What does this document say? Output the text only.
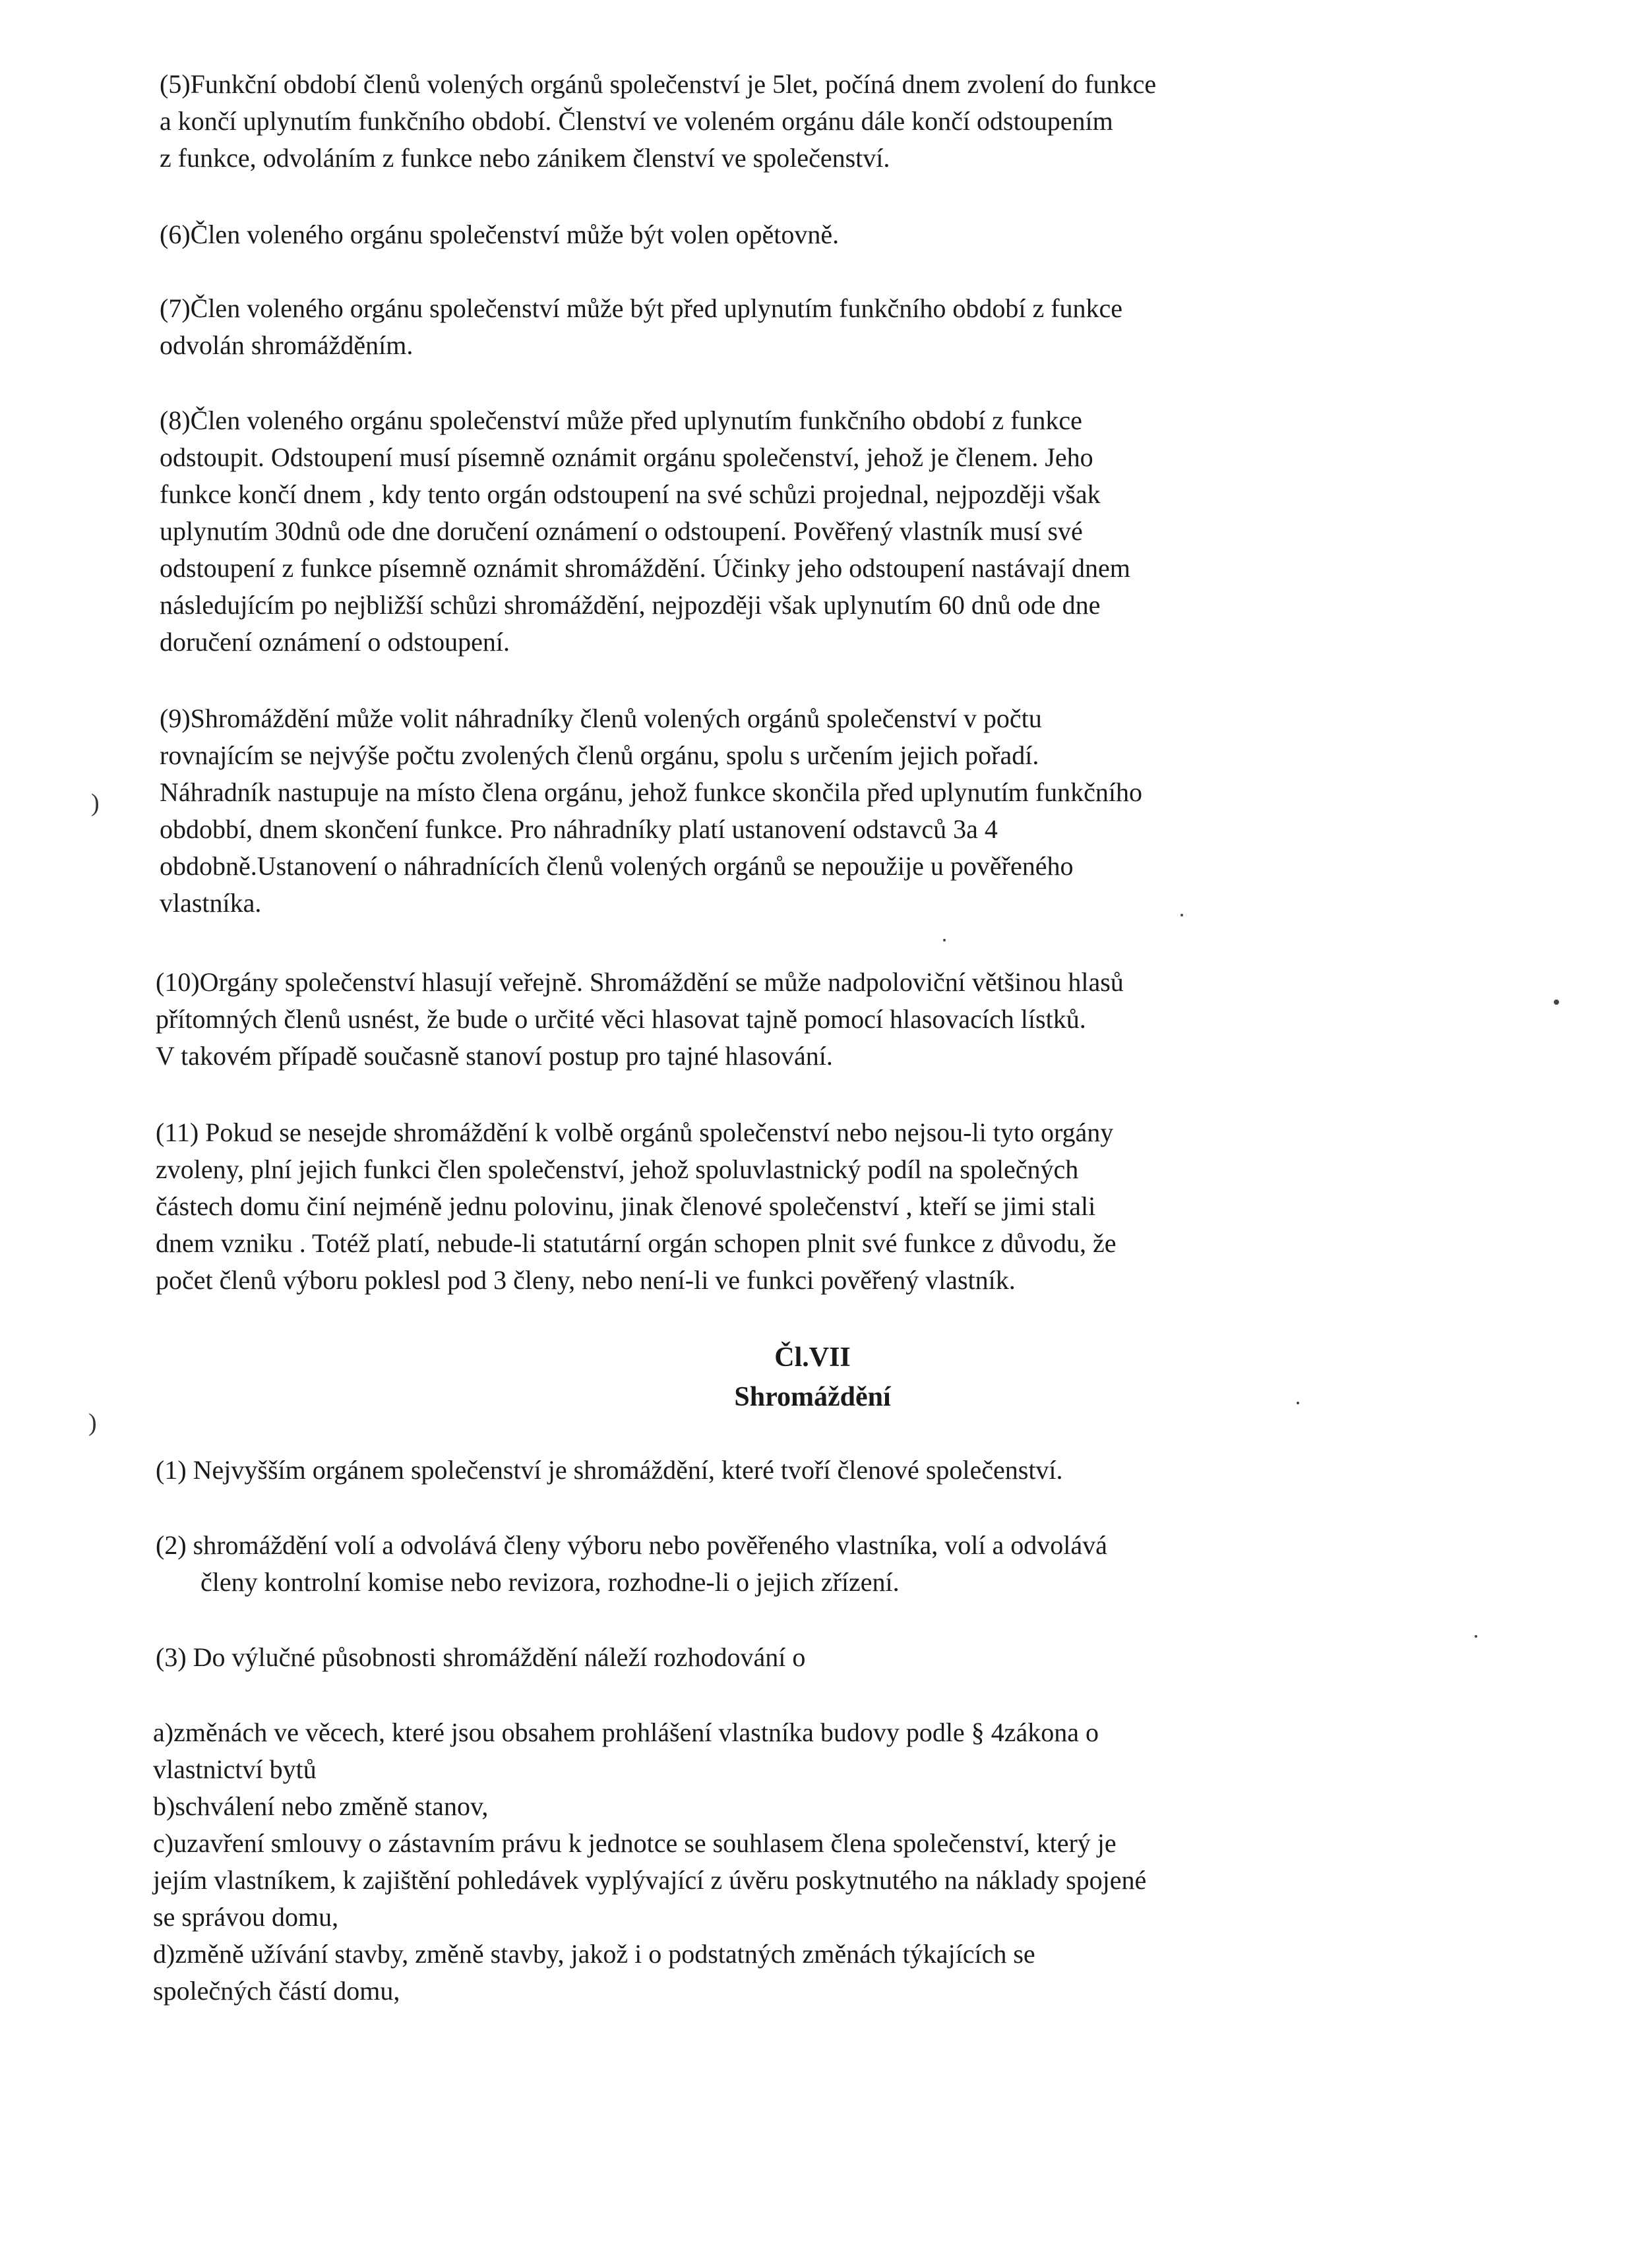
(5)Funkční období členů volených orgánů společenství je 5let, počíná dnem zvolení do funkce
a končí uplynutím funkčního období. Členství ve voleném orgánu dále končí odstoupením
z funkce, odvoláním z funkce nebo zánikem členství ve společenství.
(6)Člen voleného orgánu společenství může být volen opětovně.
(7)Člen voleného orgánu společenství může být před uplynutím funkčního období z funkce
odvolán shromážděním.
(8)Člen voleného orgánu společenství může před uplynutím funkčního období z funkce
odstoupit. Odstoupení musí písemně oznámit orgánu společenství, jehož je členem. Jeho
funkce končí dnem , kdy tento orgán odstoupení na své schůzi projednal, nejpozději však
uplynutím 30dnů ode dne doručení oznámení o odstoupení. Pověřený vlastník musí své
odstoupení z funkce písemně oznámit shromáždění. Účinky jeho odstoupení nastávají dnem
následujícím po nejbližší schůzi shromáždění, nejpozději však uplynutím 60 dnů ode dne
doručení oznámení o odstoupení.
(9)Shromáždění může volit náhradníky členů volených orgánů společenství v počtu
rovnajícím se nejvýše počtu zvolených členů orgánu, spolu s určením jejich pořadí.
Náhradník nastupuje na místo člena orgánu, jehož funkce skončila před uplynutím funkčního
obdobbí, dnem skončení funkce. Pro náhradníky platí ustanovení odstavců 3a 4
obdobně.Ustanovení o náhradnících členů volených orgánů se nepoužije u pověřeného
vlastníka.
(10)Orgány společenství hlasují veřejně. Shromáždění se může nadpoloviční většinou hlasů
přítomných členů usnést, že bude o určité věci hlasovat tajně pomocí hlasovacích lístků.
V takovém případě současně stanoví postup pro tajné hlasování.
(11) Pokud se nesejde shromáždění k volbě orgánů společenství nebo nejsou-li tyto orgány
zvoleny, plní jejich funkci člen společenství, jehož spoluvlastnický podíl na společných
částech domu činí nejméně jednu polovinu, jinak členové společenství , kteří se jimi stali
dnem vzniku . Totéž platí, nebude-li statutární orgán schopen plnit své funkce z důvodu, že
počet členů výboru poklesl pod 3 členy, nebo není-li ve funkci pověřený vlastník.
Čl.VII
Shromáždění
(1) Nejvyšším orgánem společenství je shromáždění, které tvoří členové společenství.
(2) shromáždění volí a odvolává členy výboru nebo pověřeného vlastníka, volí a odvolává
členy kontrolní komise nebo revizora, rozhodne-li o jejich zřízení.
(3) Do výlučné působnosti shromáždění náleží rozhodování o
a)změnách ve věcech, které jsou obsahem prohlášení vlastníka budovy podle § 4zákona o
vlastnictví bytů
b)schválení nebo změně stanov,
c)uzavření smlouvy o zástavním právu k jednotce se souhlasem člena společenství, který je
jejím vlastníkem, k zajištění pohledávek vyplývající z úvěru poskytnutého na náklady spojené
se správou domu,
d)změně užívání stavby, změně stavby, jakož i o podstatných změnách týkajících se
společných částí domu,
)
)
